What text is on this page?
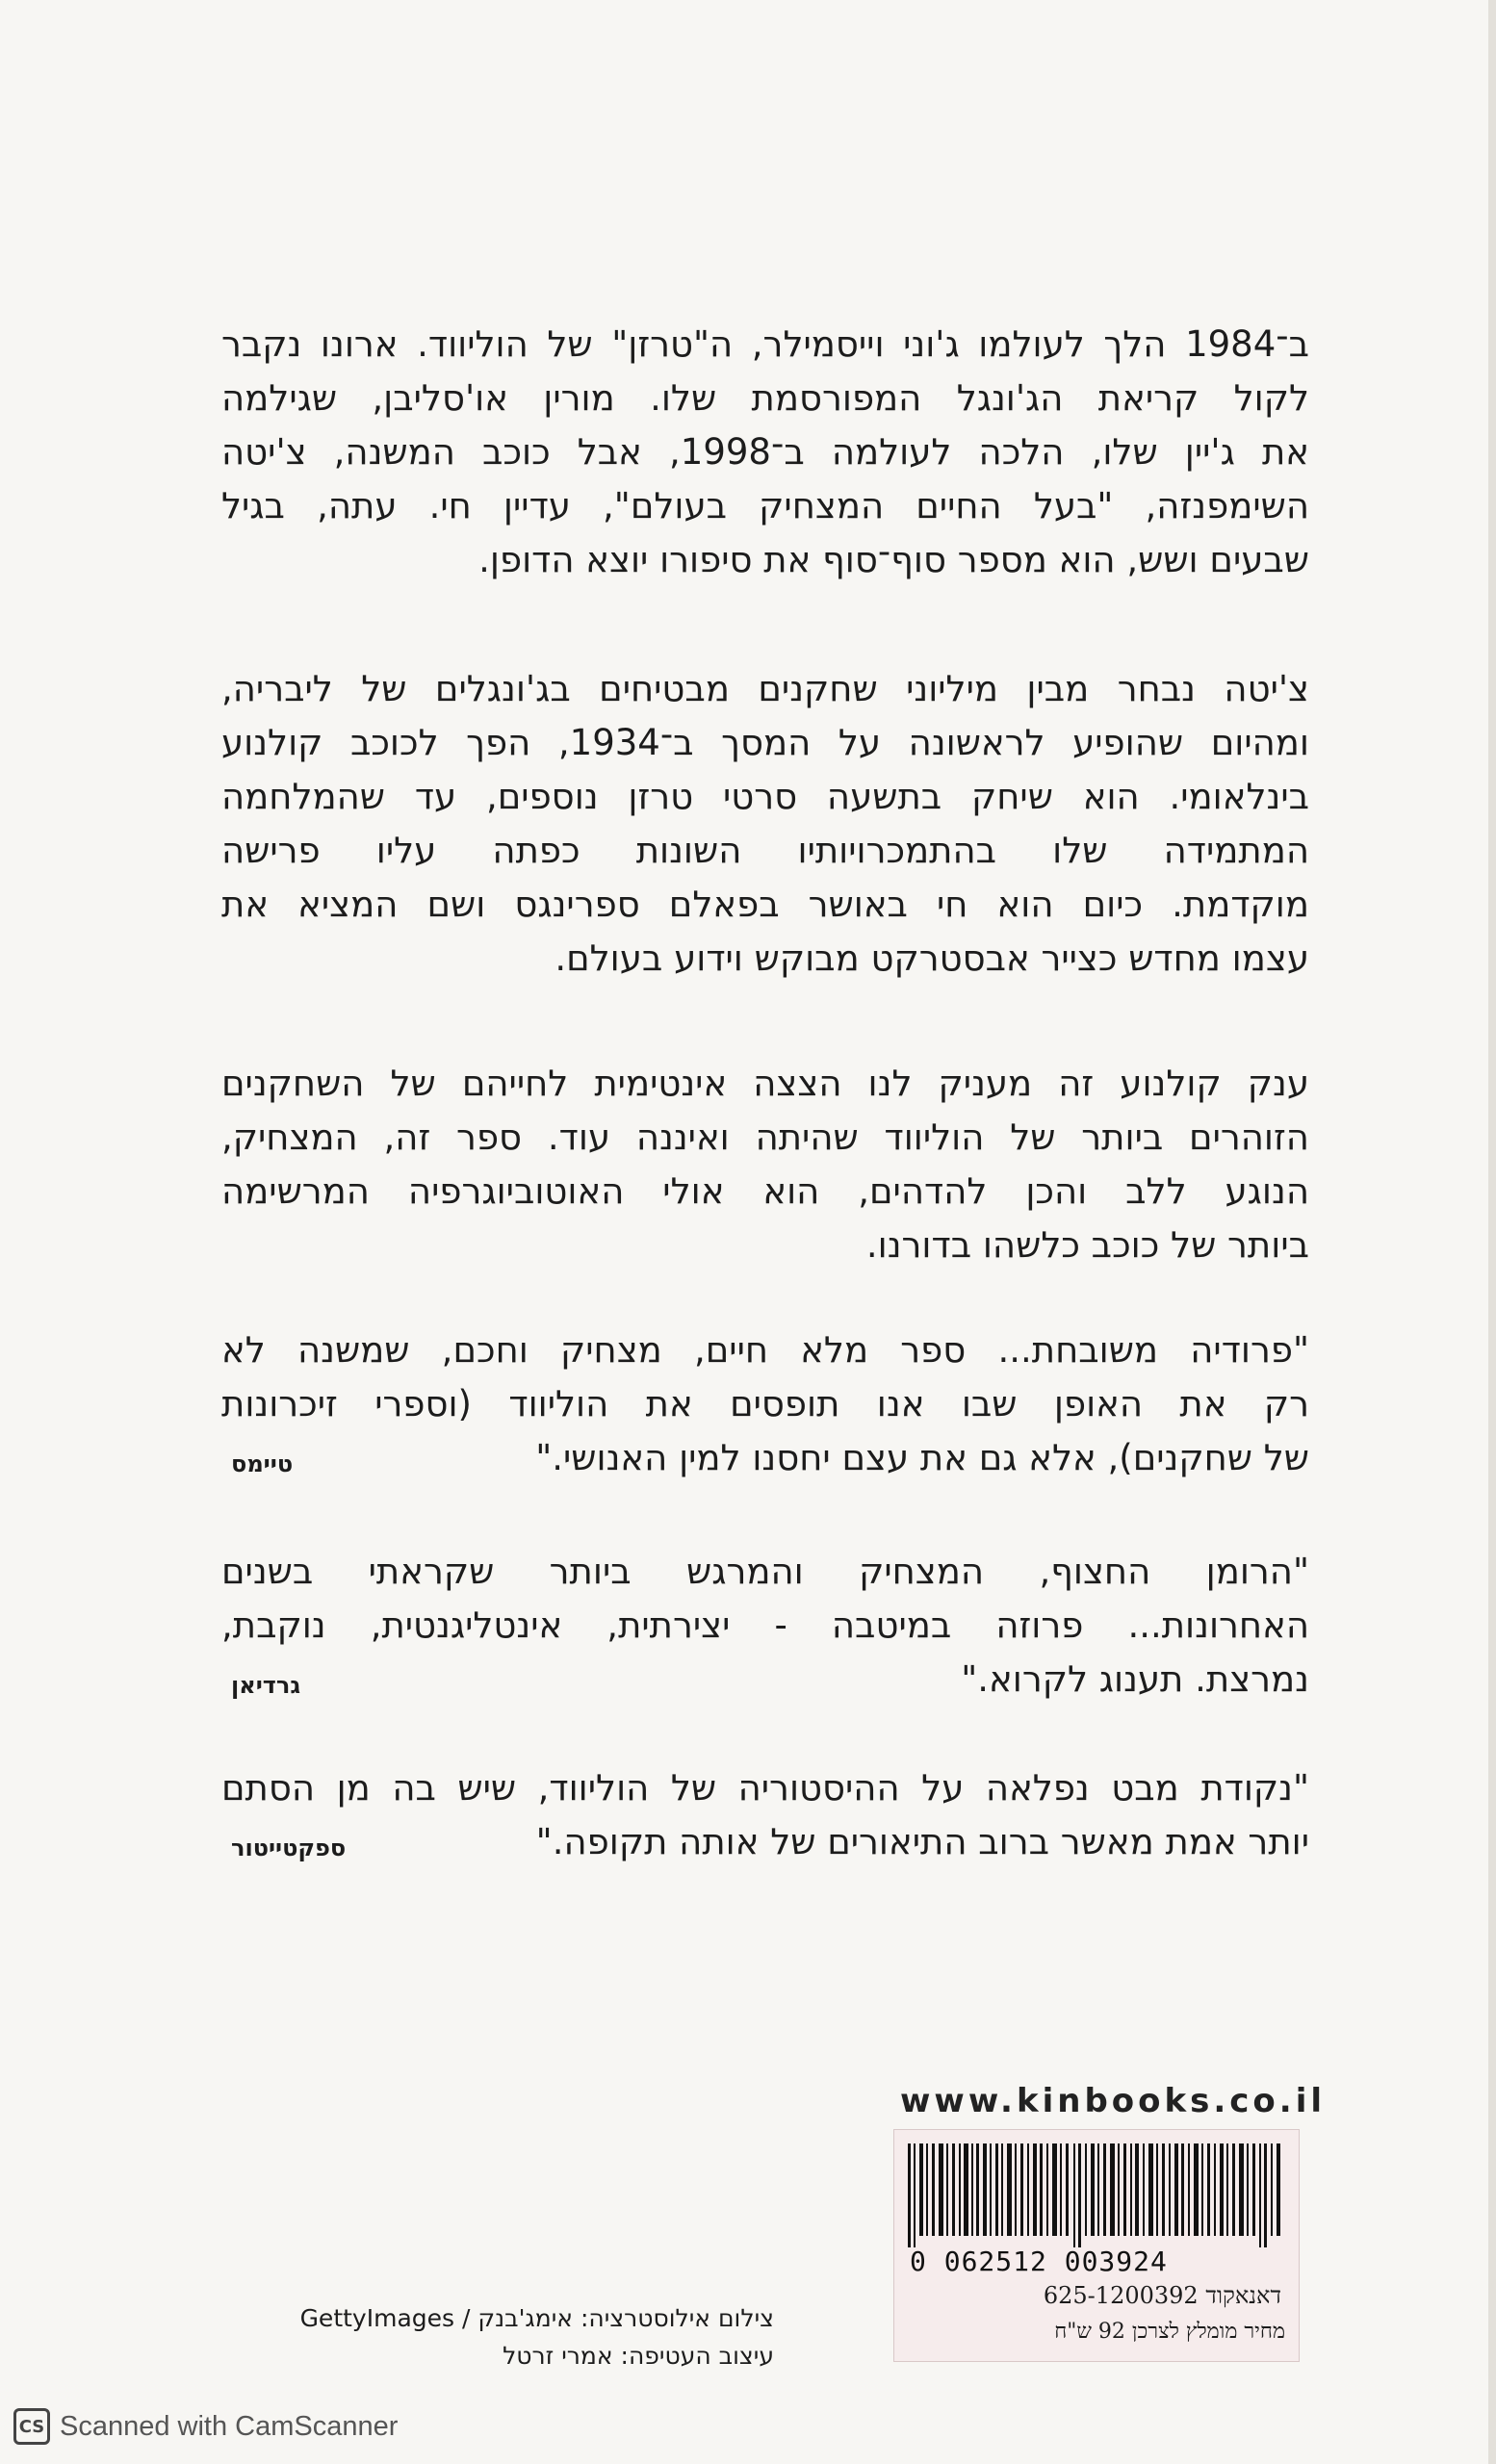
ב־1984 הלך לעולמו ג'וני וייסמילר, ה"טרזן" של הוליווד. ארונו נקבר
לקול קריאת הג'ונגל המפורסמת שלו. מורין או'סליבן, שגילמה
את ג'יין שלו, הלכה לעולמה ב־1998, אבל כוכב המשנה, צ'יטה
השימפנזה, "בעל החיים המצחיק בעולם", עדיין חי. עתה, בגיל
שבעים ושש, הוא מספר סוף־סוף את סיפורו יוצא הדופן.
צ'יטה נבחר מבין מיליוני שחקנים מבטיחים בג'ונגלים של ליבריה,
ומהיום שהופיע לראשונה על המסך ב־1934, הפך לכוכב קולנוע
בינלאומי. הוא שיחק בתשעה סרטי טרזן נוספים, עד שהמלחמה
המתמידה שלו בהתמכרויותיו השונות כפתה עליו פרישה
מוקדמת. כיום הוא חי באושר בפאלם ספרינגס ושם המציא את
עצמו מחדש כצייר אבסטרקט מבוקש וידוע בעולם.
ענק קולנוע זה מעניק לנו הצצה אינטימית לחייהם של השחקנים
הזוהרים ביותר של הוליווד שהיתה ואיננה עוד. ספר זה, המצחיק,
הנוגע ללב והכן להדהים, הוא אולי האוטוביוגרפיה המרשימה
ביותר של כוכב כלשהו בדורנו.
"פרודיה משובחת... ספר מלא חיים, מצחיק וחכם, שמשנה לא
רק את האופן שבו אנו תופסים את הוליווד (וספרי זיכרונות
של שחקנים), אלא גם את עצם יחסנו למין האנושי."
טיימס
"הרומן החצוף, המצחיק והמרגש ביותר שקראתי בשנים
האחרונות... פרוזה במיטבה - יצירתית, אינטליגנטית, נוקבת,
נמרצת. תענוג לקרוא."
גרדיאן
"נקודת מבט נפלאה על ההיסטוריה של הוליווד, שיש בה מן הסתם
יותר אמת מאשר ברוב התיאורים של אותה תקופה."
ספקטייטור
www.kinbooks.co.il
0 062512 003924
דאנאקוד 625-1200392
מחיר מומלץ לצרכן 92 ש"ח
צילום אילוסטרציה: אימג'בנק / GettyImages
עיצוב העטיפה: אמרי זרטל
CS Scanned with CamScanner
